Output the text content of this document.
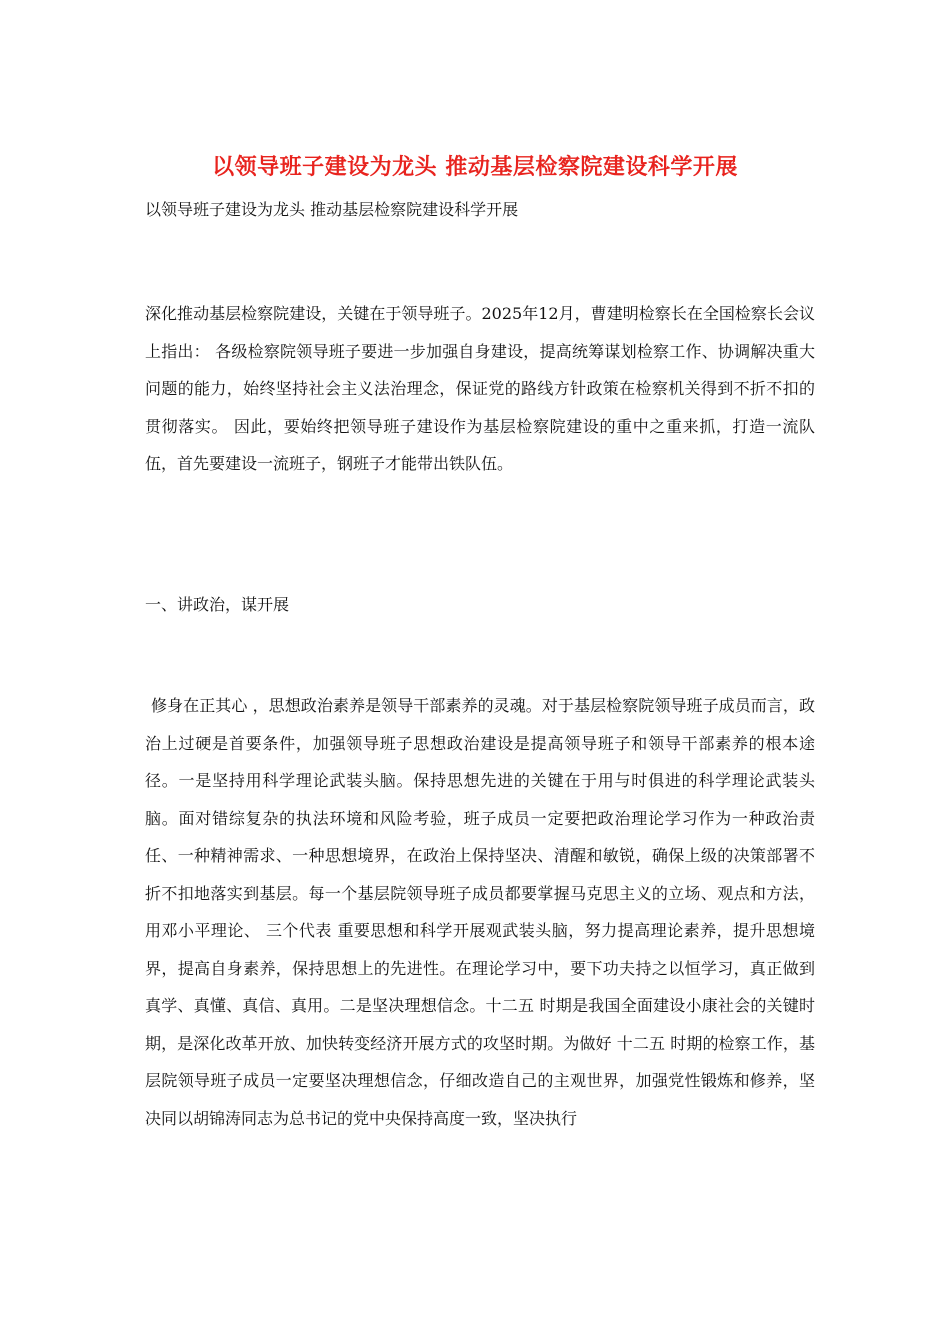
以领导班子建设为龙头 推动基层检察院建设科学开展
以领导班子建设为龙头 推动基层检察院建设科学开展
深化推动基层检察院建设，关键在于领导班子。2025年12月，曹建明检察长在全国检察长会议上指出： 各级检察院领导班子要进一步加强自身建设，提高统筹谋划检察工作、协调解决重大问题的能力，始终坚持社会主义法治理念，保证党的路线方针政策在检察机关得到不折不扣的贯彻落实。 因此，要始终把领导班子建设作为基层检察院建设的重中之重来抓，打造一流队伍，首先要建设一流班子，钢班子才能带出铁队伍。
一、讲政治，谋开展
修身在正其心 ，思想政治素养是领导干部素养的灵魂。对于基层检察院领导班子成员而言，政治上过硬是首要条件，加强领导班子思想政治建设是提高领导班子和领导干部素养的根本途径。一是坚持用科学理论武装头脑。保持思想先进的关键在于用与时俱进的科学理论武装头脑。面对错综复杂的执法环境和风险考验，班子成员一定要把政治理论学习作为一种政治责任、一种精神需求、一种思想境界，在政治上保持坚决、清醒和敏锐，确保上级的决策部署不折不扣地落实到基层。每一个基层院领导班子成员都要掌握马克思主义的立场、观点和方法，用邓小平理论、 三个代表 重要思想和科学开展观武装头脑，努力提高理论素养，提升思想境界，提高自身素养，保持思想上的先进性。在理论学习中，要下功夫持之以恒学习，真正做到真学、真懂、真信、真用。二是坚决理想信念。十二五 时期是我国全面建设小康社会的关键时期，是深化改革开放、加快转变经济开展方式的攻坚时期。为做好 十二五 时期的检察工作，基层院领导班子成员一定要坚决理想信念，仔细改造自己的主观世界，加强党性锻炼和修养，坚决同以胡锦涛同志为总书记的党中央保持高度一致，坚决执行
